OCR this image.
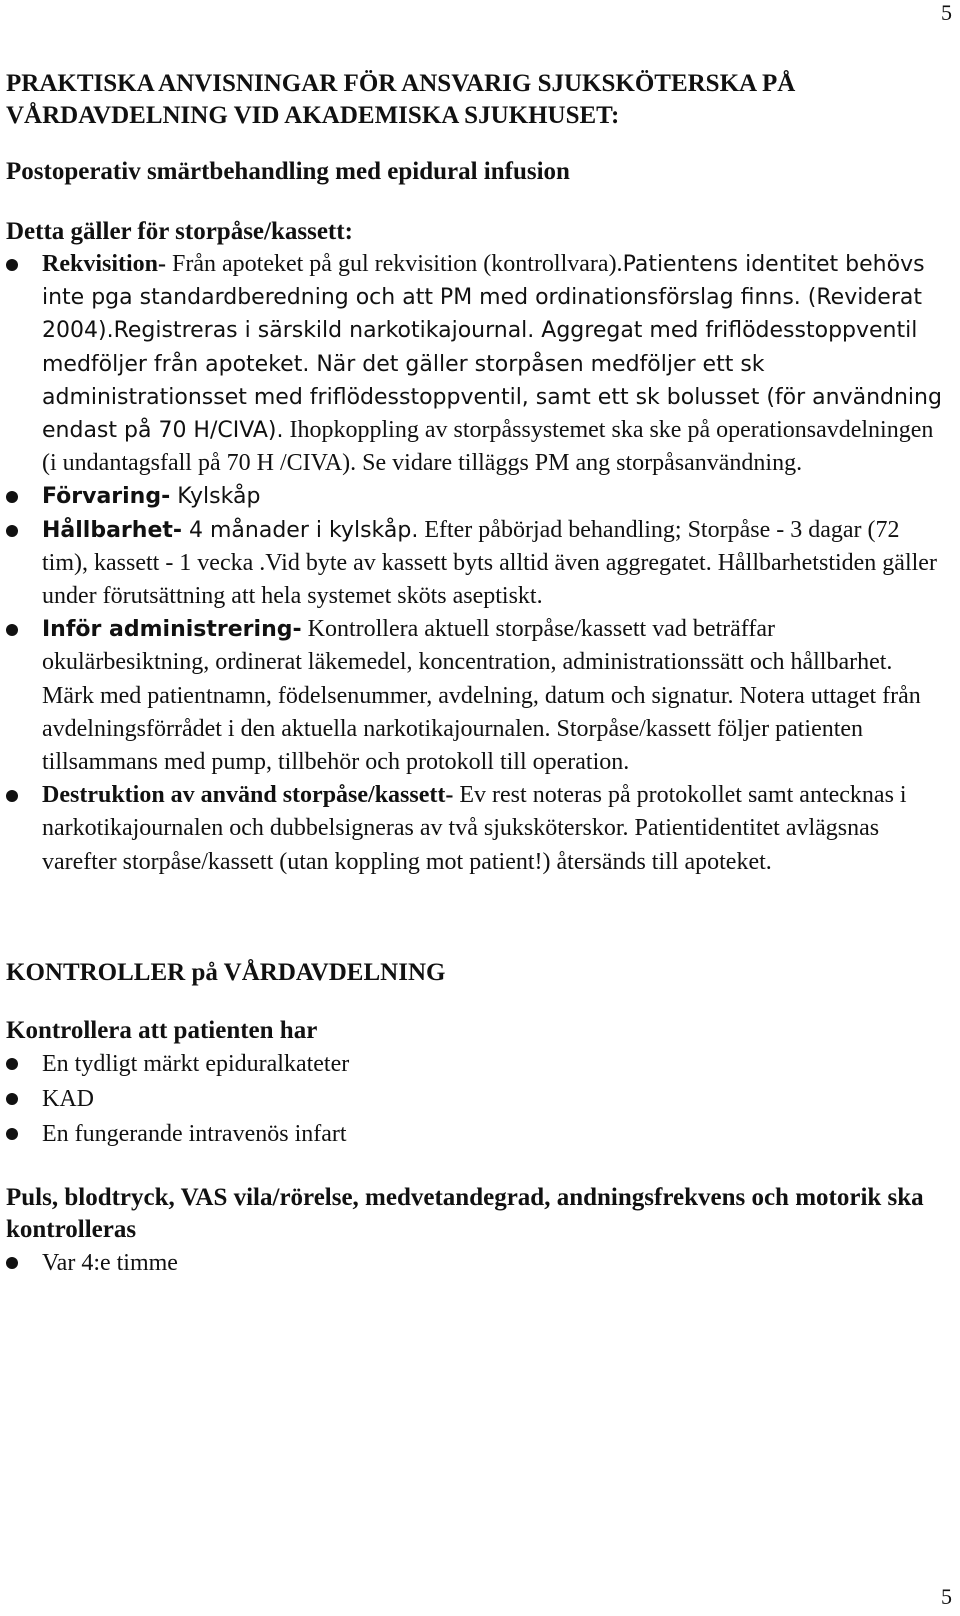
5
PRAKTISKA ANVISNINGAR FÖR ANSVARIG SJUKSKÖTERSKA PÅ VÅRDAVDELNING VID AKADEMISKA SJUKHUSET:
Postoperativ smärtbehandling med epidural infusion

Detta gäller för storpåse/kassett:

Rekvisition- Från apoteket på gul rekvisition (kontrollvara).Patientens identitet behövs inte pga standardberedning och att PM med ordinationsförslag finns. (Reviderat 2004).Registreras i särskild narkotikajournal. Aggregat med friflödesstoppventil medföljer från apoteket. När det gäller storpåsen medföljer ett sk administrationsset med friflödesstoppventil, samt ett sk bolusset (för användning endast på 70 H/CIVA). Ihopkoppling av storpåssystemet ska ske på operationsavdelningen (i undantagsfall på 70 H /CIVA). Se vidare tilläggs PM ang storpåsanvändning.
Förvaring- Kylskåp
Hållbarhet- 4 månader i kylskåp. Efter påbörjad behandling; Storpåse - 3 dagar (72 tim), kassett - 1 vecka .Vid byte av kassett byts alltid även aggregatet. Hållbarhetstiden gäller under förutsättning att hela systemet sköts aseptiskt.
Inför administrering- Kontrollera aktuell storpåse/kassett vad beträffar okulärbesiktning, ordinerat läkemedel, koncentration, administrationssätt och hållbarhet. Märk med patientnamn, födelsenummer, avdelning, datum och signatur. Notera uttaget från avdelningsförrådet i den aktuella narkotikajournalen. Storpåse/kassett följer patienten tillsammans med pump, tillbehör och protokoll till operation.
Destruktion av använd storpåse/kassett- Ev rest noteras på protokollet samt antecknas i narkotikajournalen och dubbelsigneras av två sjuksköterskor. Patientidentitet avlägsnas varefter storpåse/kassett (utan koppling mot patient!) återsänds till apoteket.
KONTROLLER på VÅRDAVDELNING

Kontrollera att patienten har

En tydligt märkt epiduralkateter
KAD
En fungerande intravenös infart

Puls, blodtryck, VAS vila/rörelse, medvetandegrad, andningsfrekvens och motorik ska kontrolleras

Var 4:e timme
5
